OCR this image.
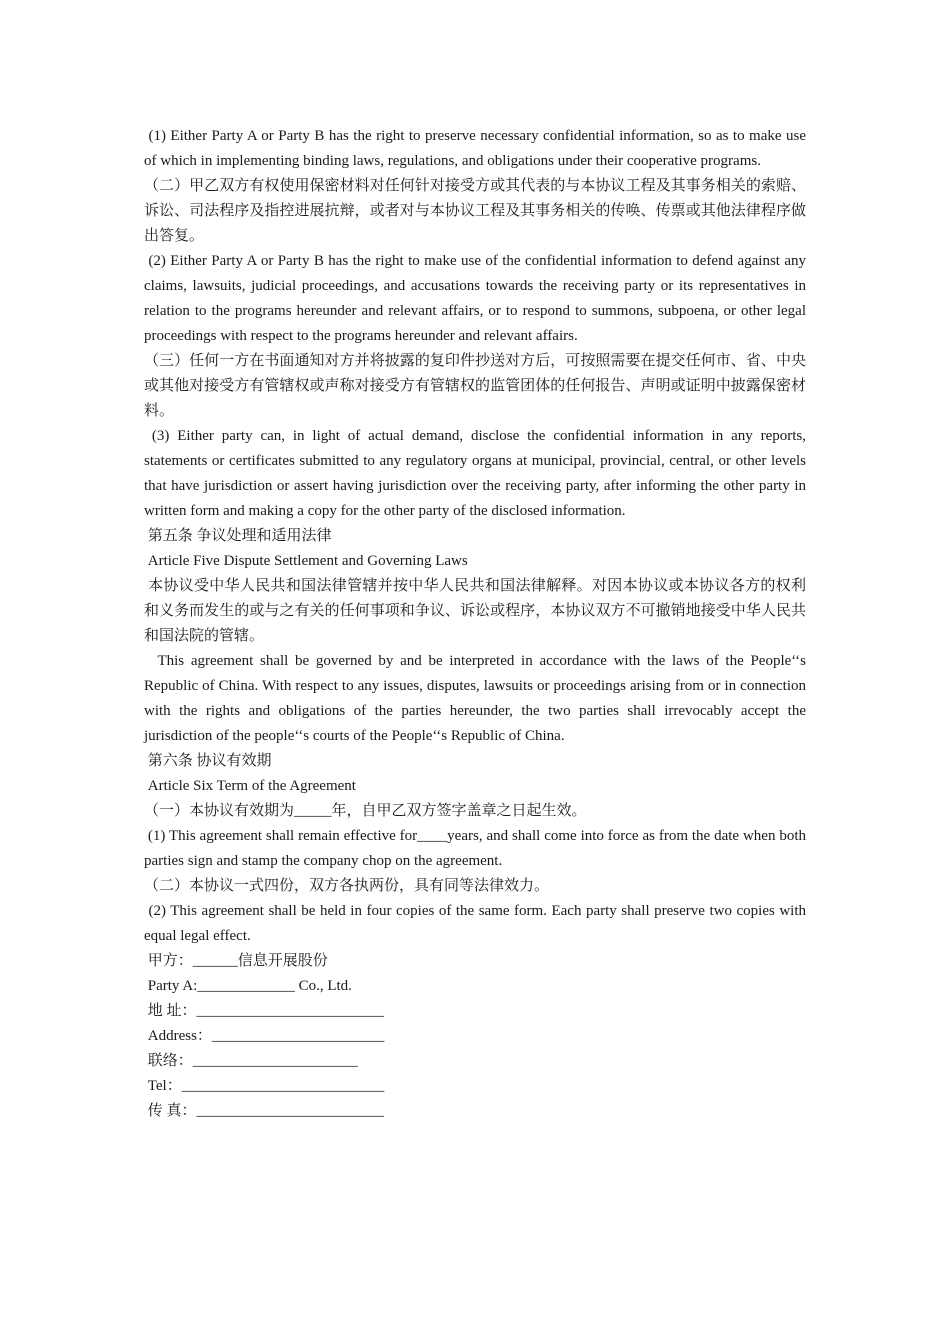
(1) Either Party A or Party B has the right to preserve necessary confidential information, so as to make use of which in implementing binding laws, regulations, and obligations under their cooperative programs.

（二）甲乙双方有权使用保密材料对任何针对接受方或其代表的与本协议工程及其事务相关的索赔、诉讼、司法程序及指控进展抗辩，或者对与本协议工程及其事务相关的传唤、传票或其他法律程序做出答复。

(2) Either Party A or Party B has the right to make use of the confidential information to defend against any claims, lawsuits, judicial proceedings, and accusations towards the receiving party or its representatives in relation to the programs hereunder and relevant affairs, or to respond to summons, subpoena, or other legal proceedings with respect to the programs hereunder and relevant affairs.

（三）任何一方在书面通知对方并将披露的复印件抄送对方后，可按照需要在提交任何市、省、中央或其他对接受方有管辖权或声称对接受方有管辖权的监管团体的任何报告、声明或证明中披露保密材料。

(3) Either party can, in light of actual demand, disclose the confidential information in any reports, statements or certificates submitted to any regulatory organs at municipal, provincial, central, or other levels that have jurisdiction or assert having jurisdiction over the receiving party, after informing the other party in written form and making a copy for the other party of the disclosed information.

第五条 争议处理和适用法律

Article Five Dispute Settlement and Governing Laws

本协议受中华人民共和国法律管辖并按中华人民共和国法律解释。对因本协议或本协议各方的权利和义务而发生的或与之有关的任何事项和争议、诉讼或程序，本协议双方不可撤销地接受中华人民共和国法院的管辖。

This agreement shall be governed by and be interpreted in accordance with the laws of the People‘‘s Republic of China. With respect to any issues, disputes, lawsuits or proceedings arising from or in connection with the rights and obligations of the parties hereunder, the two parties shall irrevocably accept the jurisdiction of the people‘‘s courts of the People‘‘s Republic of China.

第六条 协议有效期

Article Six Term of the Agreement

（一）本协议有效期为_____年，自甲乙双方签字盖章之日起生效。

(1) This agreement shall remain effective for____years, and shall come into force as from the date when both parties sign and stamp the company chop on the agreement.

（二）本协议一式四份，双方各执两份，具有同等法律效力。

(2) This agreement shall be held in four copies of the same form. Each party shall preserve two copies with equal legal effect.

甲方：______信息开展股份

Party A:_____________ Co., Ltd.

地 址：_________________________

Address：_______________________

联络：______________________

Tel：___________________________

传 真：_________________________
